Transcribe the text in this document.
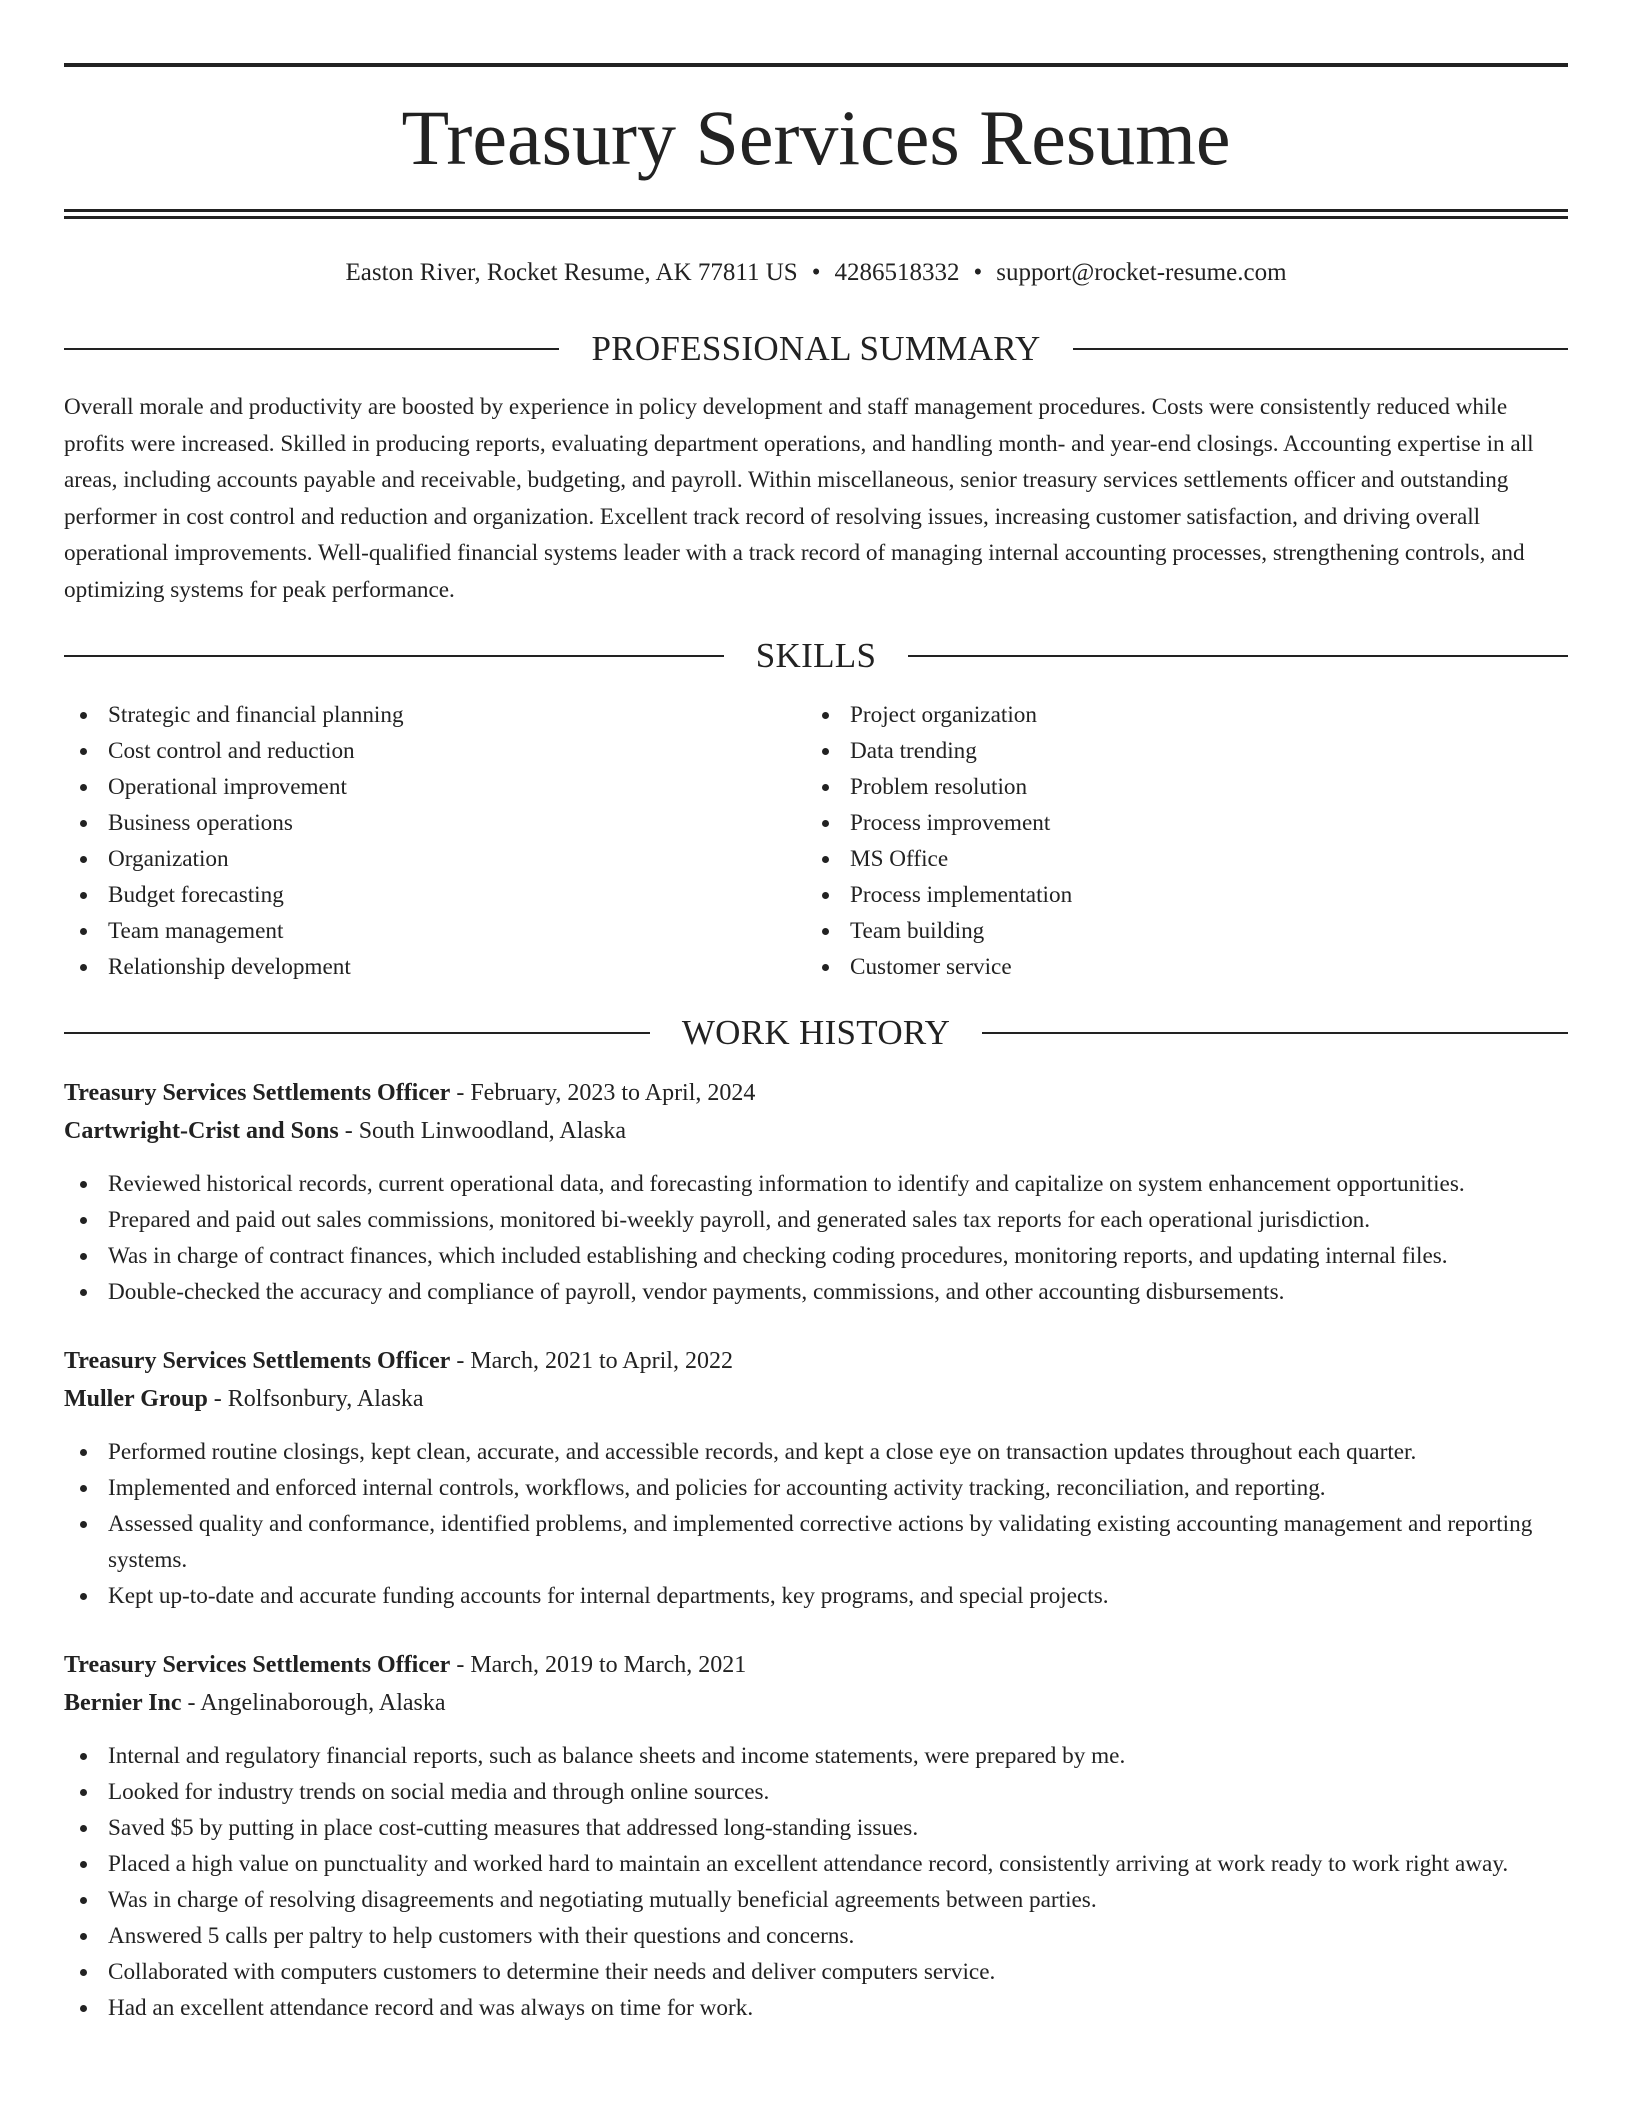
Treasury Services Resume
Easton River, Rocket Resume, AK 77811 US • 4286518332 • support@rocket-resume.com
PROFESSIONAL SUMMARY

Overall morale and productivity are boosted by experience in policy development and staff management procedures. Costs were consistently reduced while profits were increased. Skilled in producing reports, evaluating department operations, and handling month- and year-end closings. Accounting expertise in all areas, including accounts payable and receivable, budgeting, and payroll. Within miscellaneous, senior treasury services settlements officer and outstanding performer in cost control and reduction and organization. Excellent track record of resolving issues, increasing customer satisfaction, and driving overall operational improvements. Well-qualified financial systems leader with a track record of managing internal accounting processes, strengthening controls, and optimizing systems for peak performance.

SKILLS
Strategic and financial planning
Cost control and reduction
Operational improvement
Business operations
Organization
Budget forecasting
Team management
Relationship development
Project organization
Data trending
Problem resolution
Process improvement
MS Office
Process implementation
Team building
Customer service
WORK HISTORY
Treasury Services Settlements Officer - February, 2023 to April, 2024
Cartwright-Crist and Sons - South Linwoodland, Alaska
Reviewed historical records, current operational data, and forecasting information to identify and capitalize on system enhancement opportunities.
Prepared and paid out sales commissions, monitored bi-weekly payroll, and generated sales tax reports for each operational jurisdiction.
Was in charge of contract finances, which included establishing and checking coding procedures, monitoring reports, and updating internal files.
Double-checked the accuracy and compliance of payroll, vendor payments, commissions, and other accounting disbursements.
Treasury Services Settlements Officer - March, 2021 to April, 2022
Muller Group - Rolfsonbury, Alaska
Performed routine closings, kept clean, accurate, and accessible records, and kept a close eye on transaction updates throughout each quarter.
Implemented and enforced internal controls, workflows, and policies for accounting activity tracking, reconciliation, and reporting.
Assessed quality and conformance, identified problems, and implemented corrective actions by validating existing accounting management and reporting systems.
Kept up-to-date and accurate funding accounts for internal departments, key programs, and special projects.
Treasury Services Settlements Officer - March, 2019 to March, 2021
Bernier Inc - Angelinaborough, Alaska
Internal and regulatory financial reports, such as balance sheets and income statements, were prepared by me.
Looked for industry trends on social media and through online sources.
Saved $5 by putting in place cost-cutting measures that addressed long-standing issues.
Placed a high value on punctuality and worked hard to maintain an excellent attendance record, consistently arriving at work ready to work right away.
Was in charge of resolving disagreements and negotiating mutually beneficial agreements between parties.
Answered 5 calls per paltry to help customers with their questions and concerns.
Collaborated with computers customers to determine their needs and deliver computers service.
Had an excellent attendance record and was always on time for work.
